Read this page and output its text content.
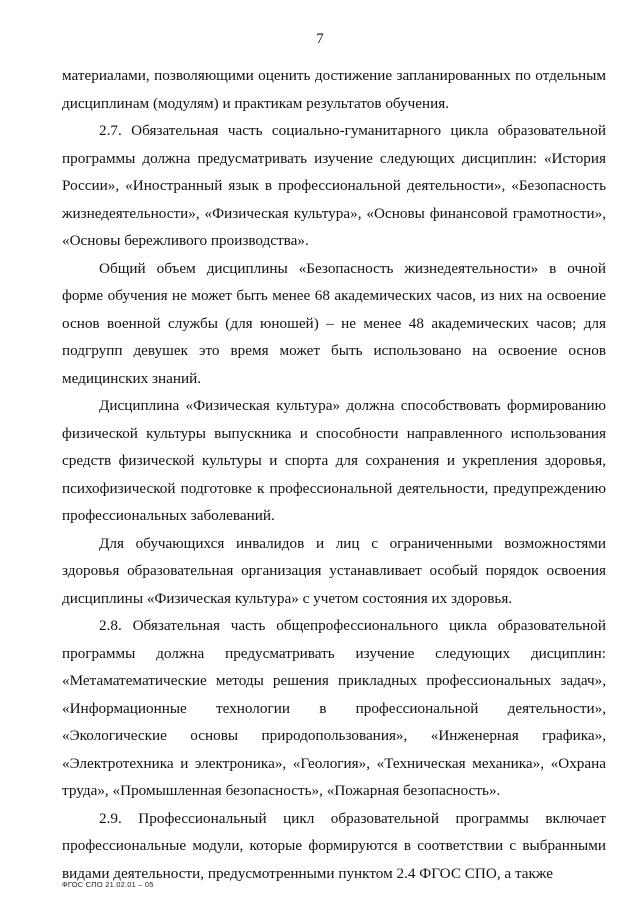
7

материалами, позволяющими оценить достижение запланированных по отдельным дисциплинам (модулям) и практикам результатов обучения.

2.7. Обязательная часть социально-гуманитарного цикла образовательной программы должна предусматривать изучение следующих дисциплин: «История России», «Иностранный язык в профессиональной деятельности», «Безопасность жизнедеятельности», «Физическая культура», «Основы финансовой грамотности», «Основы бережливого производства».

Общий объем дисциплины «Безопасность жизнедеятельности» в очной форме обучения не может быть менее 68 академических часов, из них на освоение основ военной службы (для юношей) – не менее 48 академических часов; для подгрупп девушек это время может быть использовано на освоение основ медицинских знаний.

Дисциплина «Физическая культура» должна способствовать формированию физической культуры выпускника и способности направленного использования средств физической культуры и спорта для сохранения и укрепления здоровья, психофизической подготовке к профессиональной деятельности, предупреждению профессиональных заболеваний.

Для обучающихся инвалидов и лиц с ограниченными возможностями здоровья образовательная организация устанавливает особый порядок освоения дисциплины «Физическая культура» с учетом состояния их здоровья.

2.8. Обязательная часть общепрофессионального цикла образовательной программы должна предусматривать изучение следующих дисциплин: «Метаматематические методы решения прикладных профессиональных задач», «Информационные технологии в профессиональной деятельности», «Экологические основы природопользования», «Инженерная графика», «Электротехника и электроника», «Геология», «Техническая механика», «Охрана труда», «Промышленная безопасность», «Пожарная безопасность».

2.9. Профессиональный цикл образовательной программы включает профессиональные модули, которые формируются в соответствии с выбранными видами деятельности, предусмотренными пунктом 2.4 ФГОС СПО, а также

ФГОС СПО 21.02.01 – 05
